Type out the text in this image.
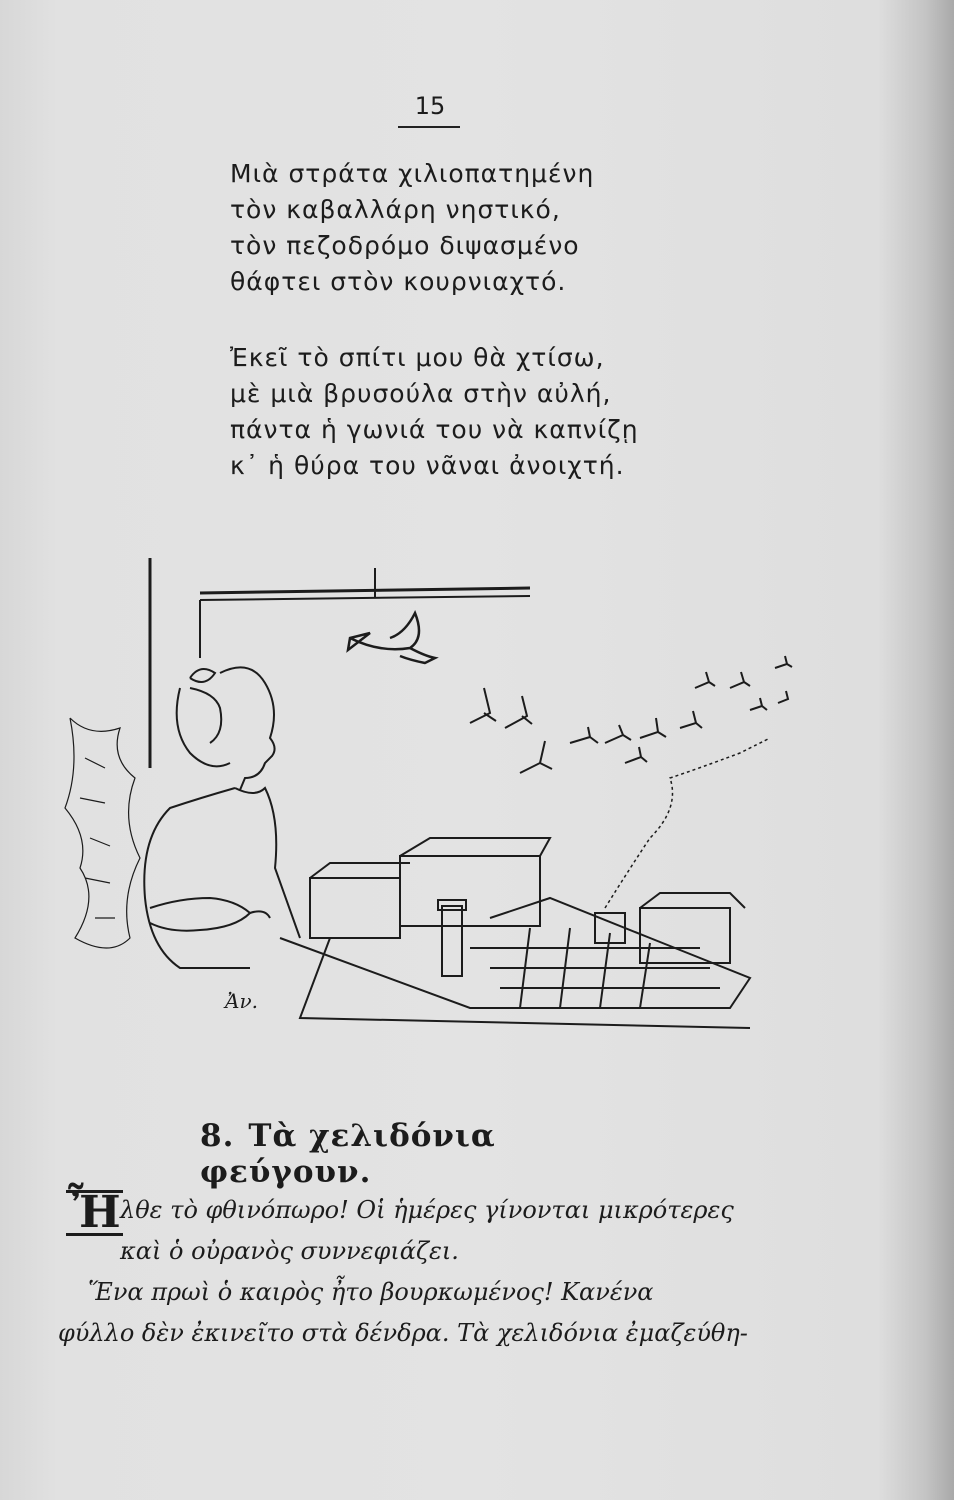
15
Μιὰ στράτα χιλιοπατημένη
τὸν καβαλλάρη νηστικό,
τὸν πεζοδρόμο διψασμένο
θάφτει στὸν κουρνιαχτό.
Ἐκεῖ τὸ σπίτι μου θὰ χτίσω,
μὲ μιὰ βρυσούλα στὴν αὐλή,
πάντα ἡ γωνιά του νὰ καπνίζῃ
κ᾿ ἡ θύρα του νᾶναι ἀνοιχτή.
Ἀν.
8. Τὰ χελιδόνια φεύγουν.
Ἦ λθε τὸ φθινόπωρο! Οἱ ἡμέρες γίνονται μικρότερες
καὶ ὁ οὐρανὸς συννεφιάζει.
Ἕνα πρωὶ ὁ καιρὸς ἦτο βουρκωμένος! Κανένα
φύλλο δὲν ἐκινεῖτο στὰ δένδρα. Τὰ χελιδόνια ἐμαζεύθη-
